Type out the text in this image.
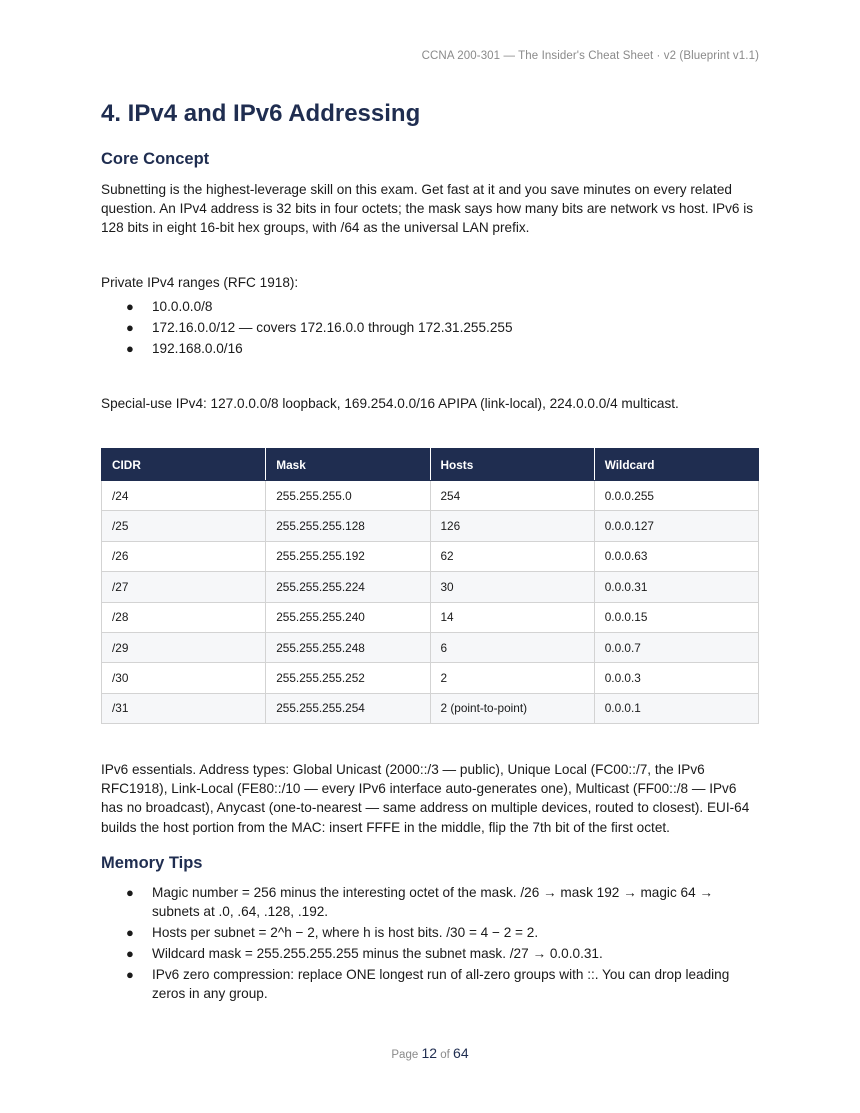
CCNA 200-301 — The Insider's Cheat Sheet · v2 (Blueprint v1.1)
4. IPv4 and IPv6 Addressing
Core Concept

Subnetting is the highest-leverage skill on this exam. Get fast at it and you save minutes on every related question. An IPv4 address is 32 bits in four octets; the mask says how many bits are network vs host. IPv6 is 128 bits in eight 16-bit hex groups, with /64 as the universal LAN prefix.

Private IPv4 ranges (RFC 1918):

● 10.0.0.0/8
● 172.16.0.0/12 — covers 172.16.0.0 through 172.31.255.255
● 192.168.0.0/16

Special-use IPv4: 127.0.0.0/8 loopback, 169.254.0.0/16 APIPA (link-local), 224.0.0.0/4 multicast.

CIDR	Mask	Hosts	Wildcard
/24	255.255.255.0	254	0.0.0.255
/25	255.255.255.128	126	0.0.0.127
/26	255.255.255.192	62	0.0.0.63
/27	255.255.255.224	30	0.0.0.31
/28	255.255.255.240	14	0.0.0.15
/29	255.255.255.248	6	0.0.0.7
/30	255.255.255.252	2	0.0.0.3
/31	255.255.255.254	2 (point-to-point)	0.0.0.1

IPv6 essentials. Address types: Global Unicast (2000::/3 — public), Unique Local (FC00::/7, the IPv6 RFC1918), Link-Local (FE80::/10 — every IPv6 interface auto-generates one), Multicast (FF00::/8 — IPv6 has no broadcast), Anycast (one-to-nearest — same address on multiple devices, routed to closest). EUI-64 builds the host portion from the MAC: insert FFFE in the middle, flip the 7th bit of the first octet.

Memory Tips
● Magic number = 256 minus the interesting octet of the mask. /26 → mask 192 → magic 64 → subnets at .0, .64, .128, .192.
● Hosts per subnet = 2^h − 2, where h is host bits. /30 = 4 − 2 = 2.
● Wildcard mask = 255.255.255.255 minus the subnet mask. /27 → 0.0.0.31.
● IPv6 zero compression: replace ONE longest run of all-zero groups with ::. You can drop leading zeros in any group.
Page 12 of 64
